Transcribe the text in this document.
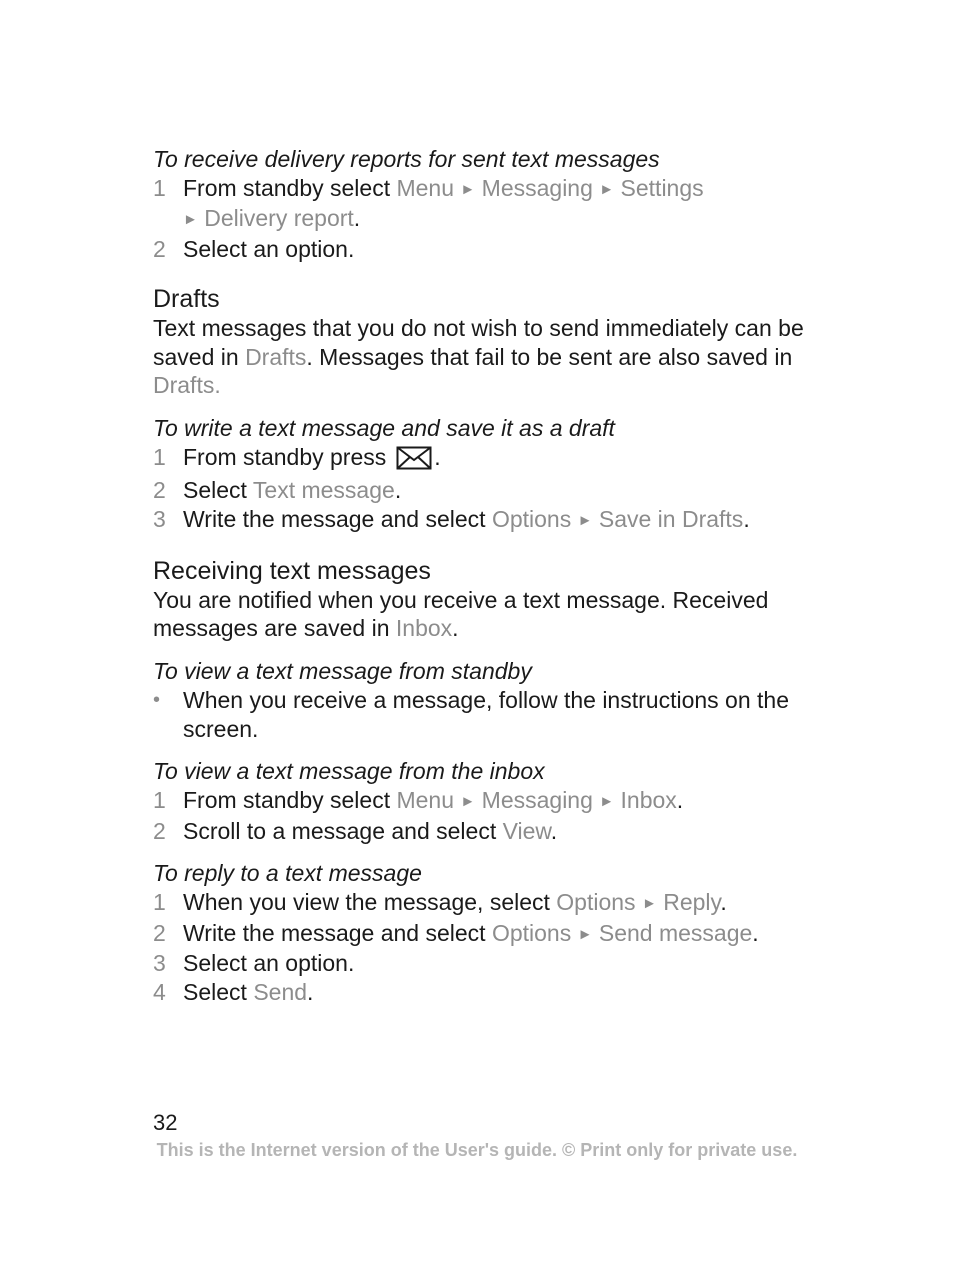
To receive delivery reports for sent text messages
1 From standby select Menu ► Messaging ► Settings
► Delivery report.
2 Select an option.
Drafts
Text messages that you do not wish to send immediately can be saved in Drafts. Messages that fail to be sent are also saved in Drafts.
To write a text message and save it as a draft
1 From standby press .
2 Select Text message.
3 Write the message and select Options ► Save in Drafts.
Receiving text messages
You are notified when you receive a text message. Received messages are saved in Inbox.
To view a text message from standby
• When you receive a message, follow the instructions on the screen.
To view a text message from the inbox
1 From standby select Menu ► Messaging ► Inbox.
2 Scroll to a message and select View.
To reply to a text message
1 When you view the message, select Options ► Reply.
2 Write the message and select Options ► Send message.
3 Select an option.
4 Select Send.
32
This is the Internet version of the User's guide. © Print only for private use.
